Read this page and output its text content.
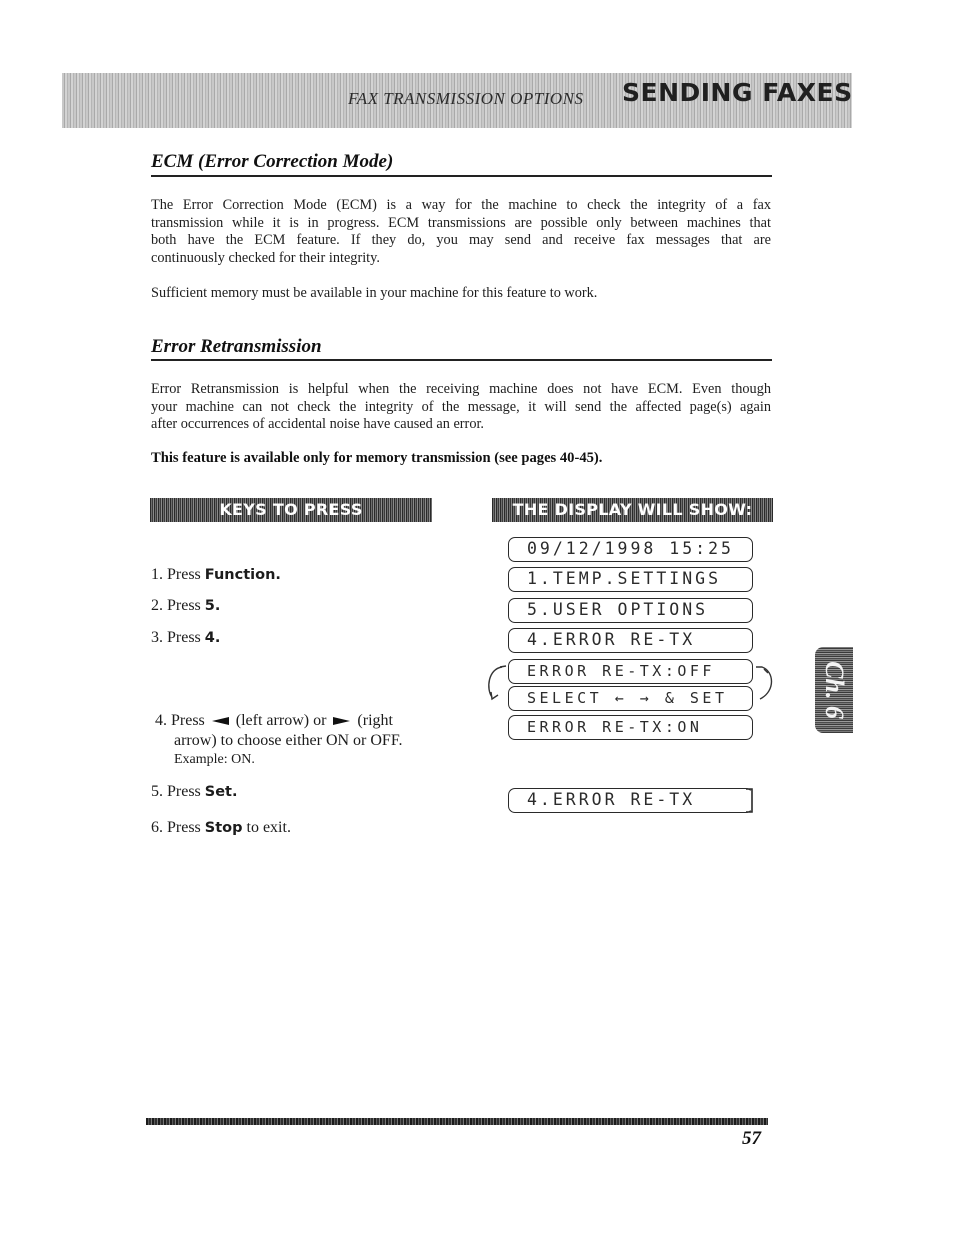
FAX TRANSMISSION OPTIONS SENDING FAXES
ECM (Error Correction Mode)
The Error Correction Mode (ECM) is a way for the machine to check the integrity of a fax
transmission while it is in progress. ECM transmissions are possible only between machines that
both have the ECM feature. If they do, you may send and receive fax messages that are
continuously checked for their integrity.
Sufficient memory must be available in your machine for this feature to work.
Error Retransmission
Error Retransmission is helpful when the receiving machine does not have ECM. Even though
your machine can not check the integrity of the message, it will send the affected page(s) again
after occurrences of accidental noise have caused an error.
This feature is available only for memory transmission (see pages 40-45).
KEYS TO PRESS	THE DISPLAY WILL SHOW:
1. Press Function.
2. Press 5.
3. Press 4.
4. Press (left arrow) or (right
arrow) to choose either ON or OFF.
Example: ON.
5. Press Set.
6. Press Stop to exit.
09/12/1998 15:25
1.TEMP.SETTINGS
5.USER OPTIONS
4.ERROR RE-TX
ERROR RE-TX:OFF
SELECT ← → & SET
ERROR RE-TX:ON
4.ERROR RE-TX
Ch. 6
57
